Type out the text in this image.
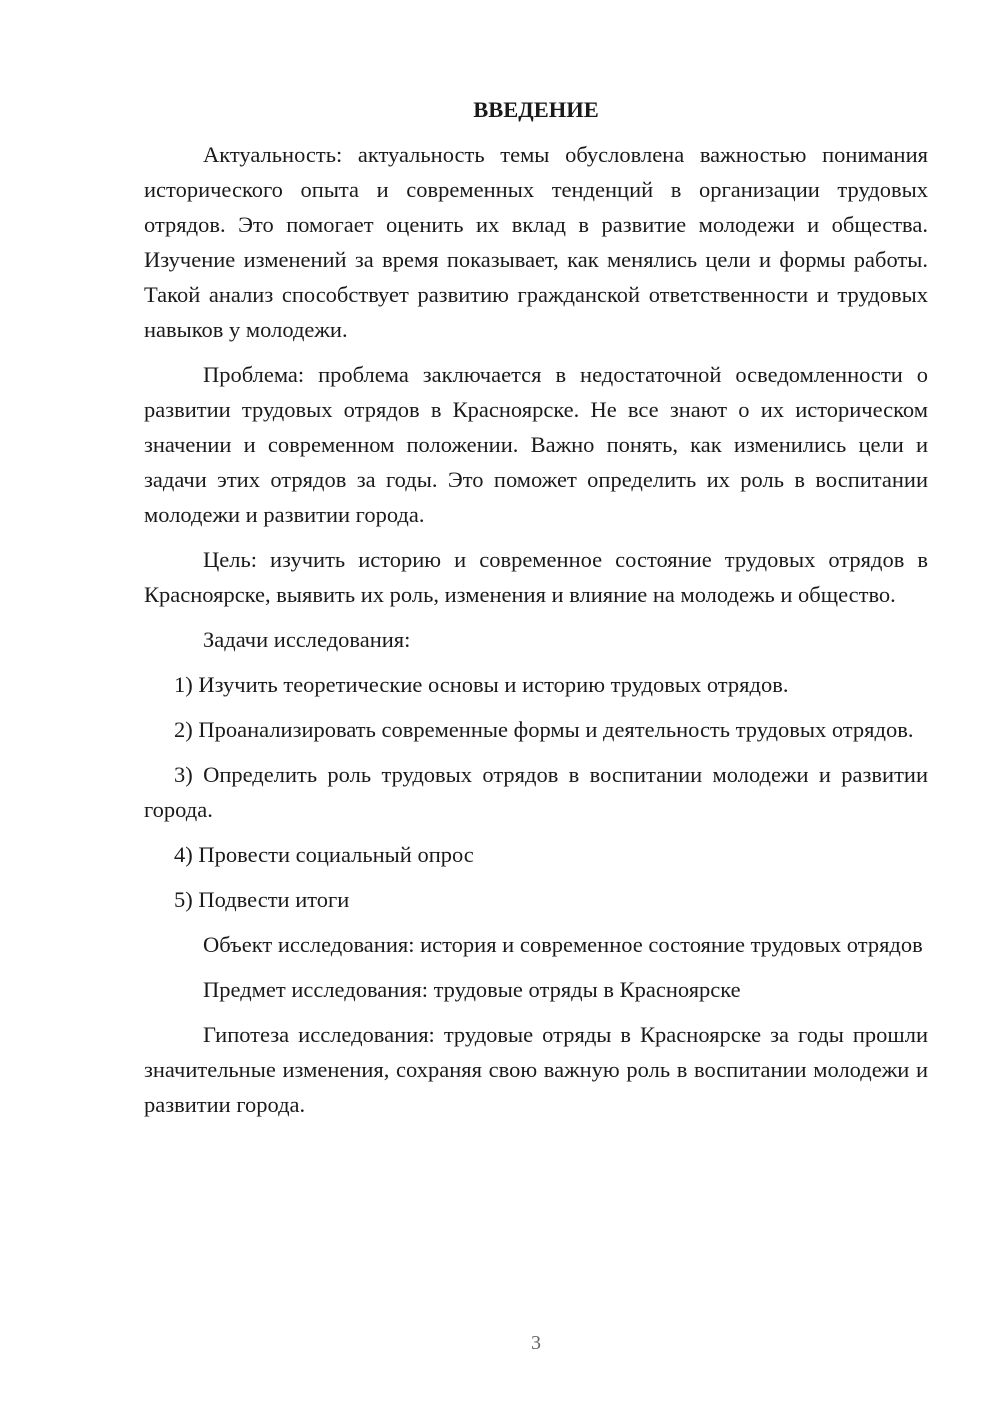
ВВЕДЕНИЕ

Актуальность: актуальность темы обусловлена важностью понимания исторического опыта и современных тенденций в организации трудовых отрядов. Это помогает оценить их вклад в развитие молодежи и общества. Изучение изменений за время показывает, как менялись цели и формы работы. Такой анализ способствует развитию гражданской ответственности и трудовых навыков у молодежи.

Проблема: проблема заключается в недостаточной осведомленности о развитии трудовых отрядов в Красноярске. Не все знают о их историческом значении и современном положении. Важно понять, как изменились цели и задачи этих отрядов за годы. Это поможет определить их роль в воспитании молодежи и развитии города.

Цель: изучить историю и современное состояние трудовых отрядов в Красноярске, выявить их роль, изменения и влияние на молодежь и общество.

Задачи исследования:

1) Изучить теоретические основы и историю трудовых отрядов.

2) Проанализировать современные формы и деятельность трудовых отрядов.

3) Определить роль трудовых отрядов в воспитании молодежи и развитии города.

4) Провести социальный опрос

5) Подвести итоги

Объект исследования: история и современное состояние трудовых отрядов

Предмет исследования: трудовые отряды в Красноярске

Гипотеза исследования: трудовые отряды в Красноярске за годы прошли значительные изменения, сохраняя свою важную роль в воспитании молодежи и развитии города.

3
